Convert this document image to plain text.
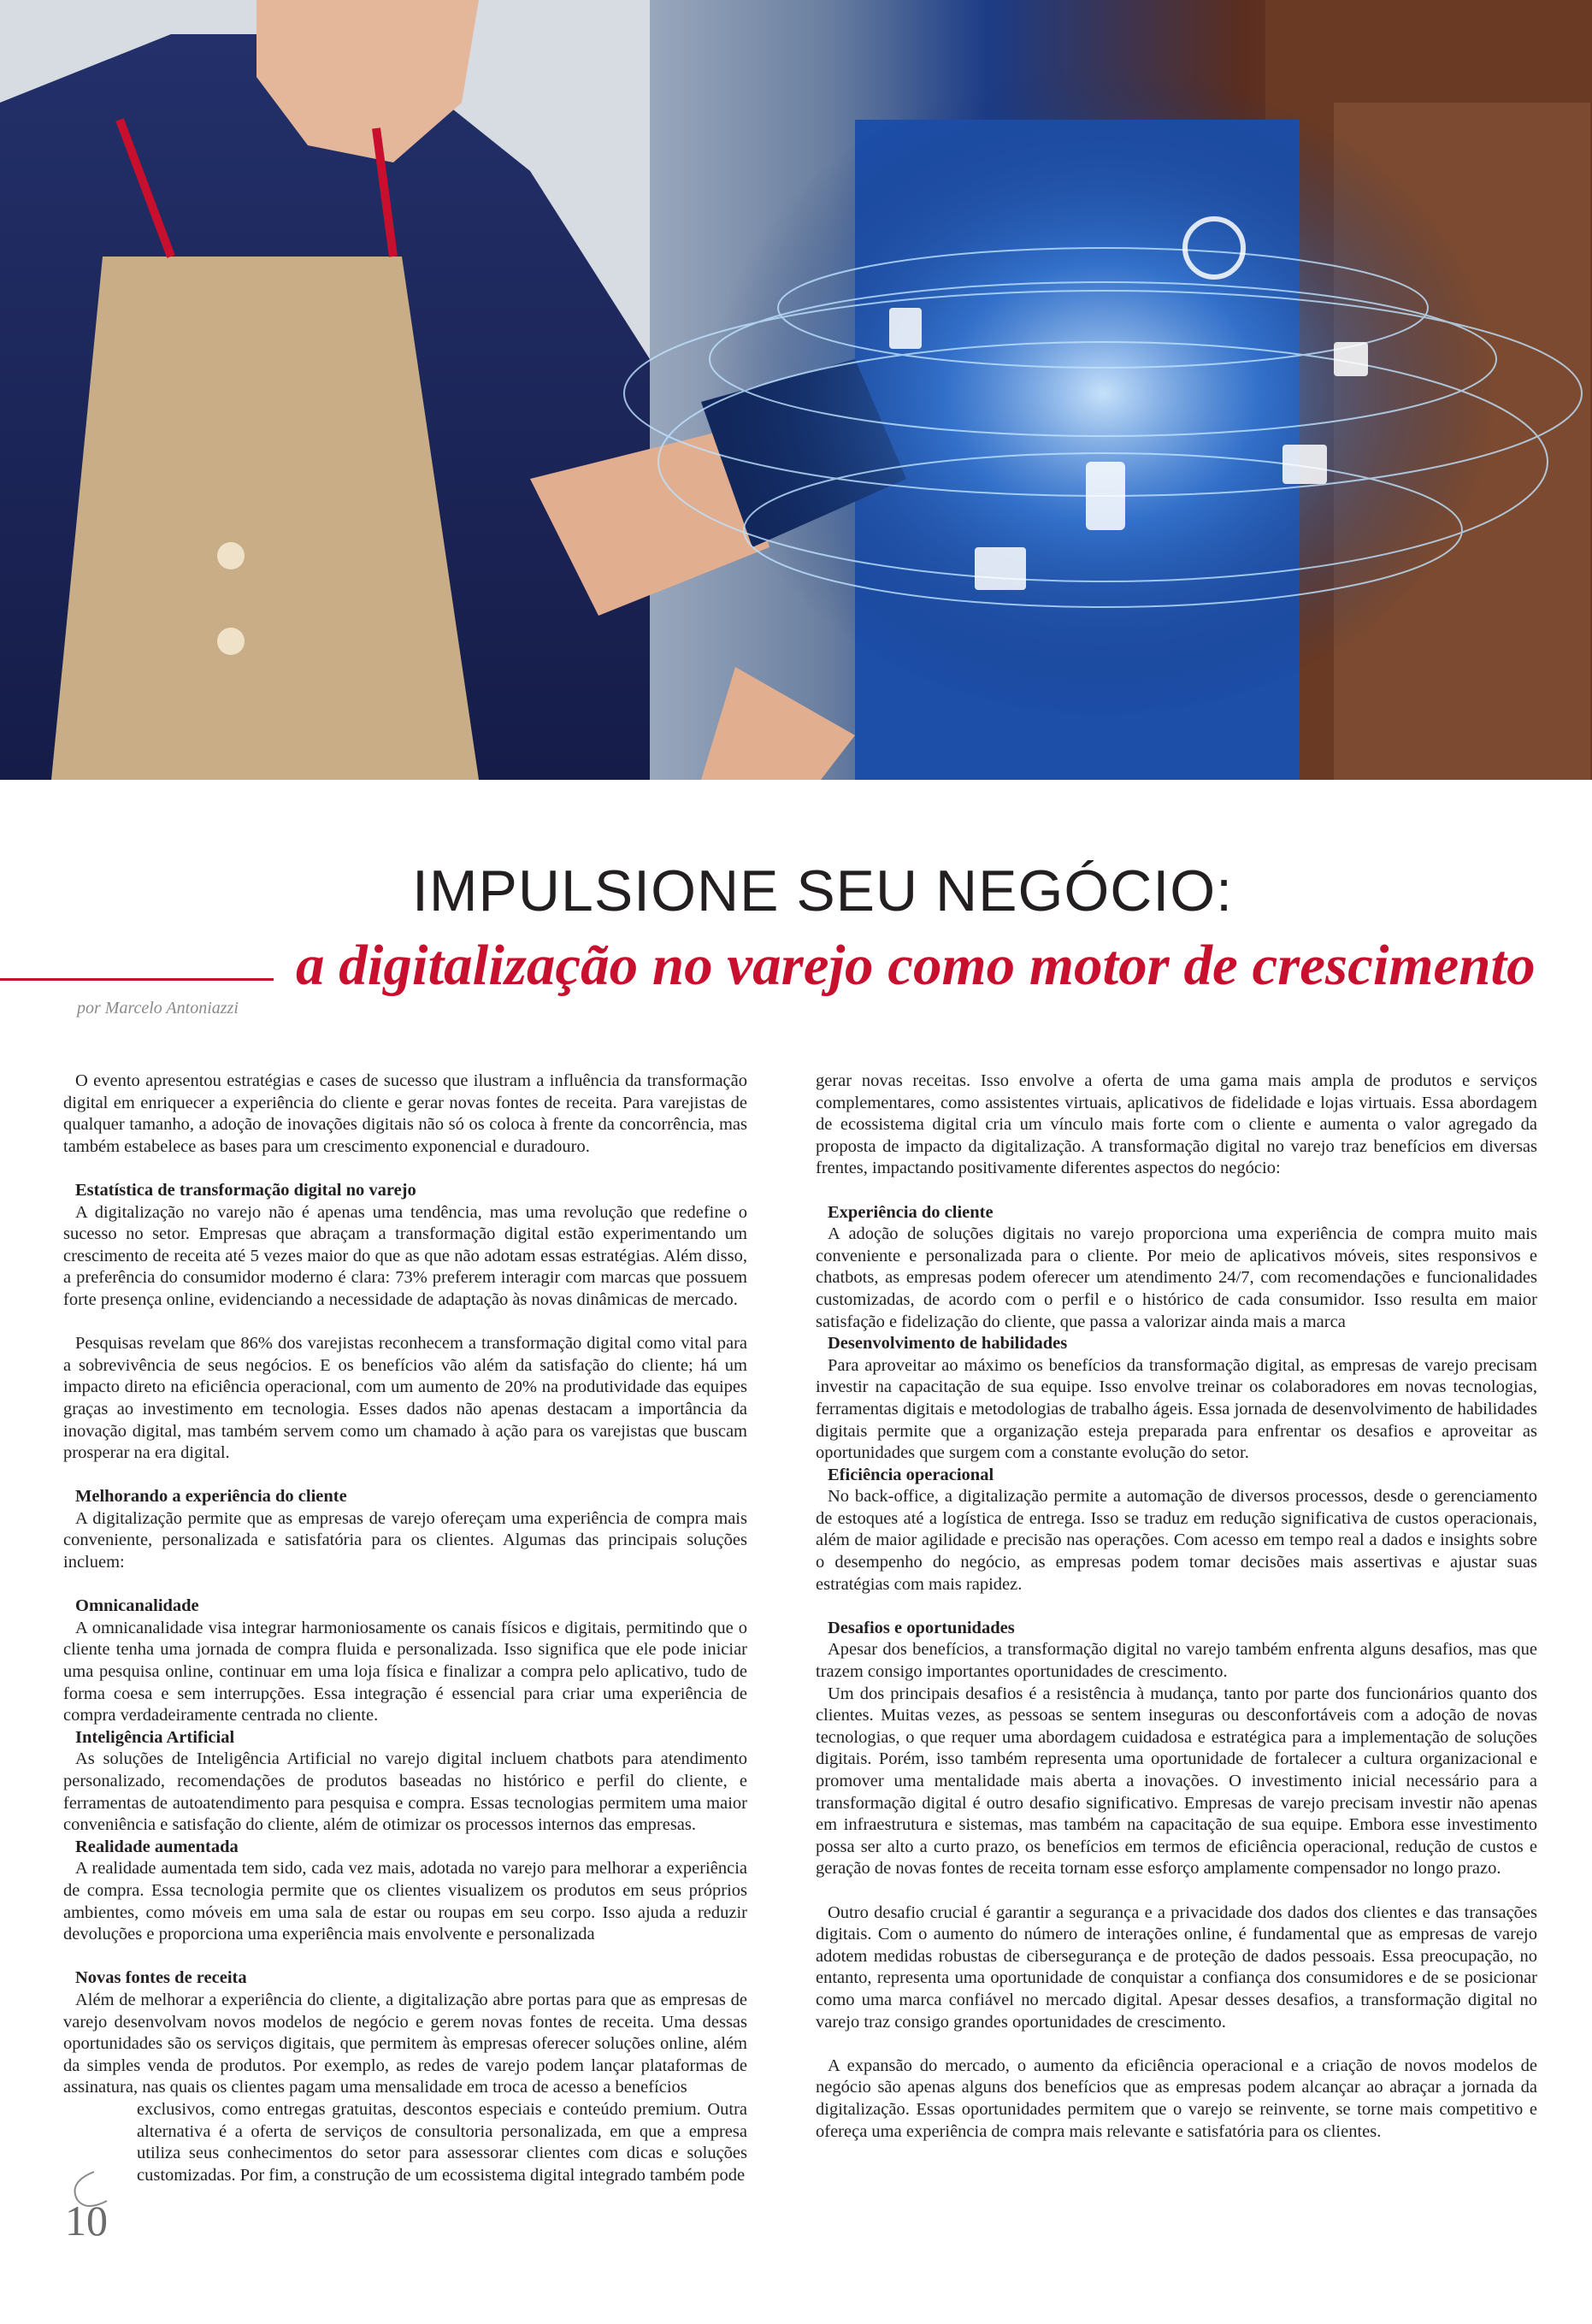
IMPULSIONE SEU NEGÓCIO:
a digitalização no varejo como motor de crescimento
por Marcelo Antoniazzi

O evento apresentou estratégias e cases de sucesso que ilustram a influência da transformação digital em enriquecer a experiência do cliente e gerar novas fontes de receita. Para varejistas de qualquer tamanho, a adoção de inovações digitais não só os coloca à frente da concorrência, mas também estabelece as bases para um crescimento exponencial e duradouro.

Estatística de transformação digital no varejo

A digitalização no varejo não é apenas uma tendência, mas uma revolução que redefine o sucesso no setor. Empresas que abraçam a transformação digital estão experimentando um crescimento de receita até 5 vezes maior do que as que não adotam essas estratégias. Além disso, a preferência do consumidor moderno é clara: 73% preferem interagir com marcas que possuem forte presença online, evidenciando a necessidade de adaptação às novas dinâmicas de mercado.

Pesquisas revelam que 86% dos varejistas reconhecem a transformação digital como vital para a sobrevivência de seus negócios. E os benefícios vão além da satisfação do cliente; há um impacto direto na eficiência operacional, com um aumento de 20% na produtividade das equipes graças ao investimento em tecnologia. Esses dados não apenas destacam a importância da inovação digital, mas também servem como um chamado à ação para os varejistas que buscam prosperar na era digital.

Melhorando a experiência do cliente

A digitalização permite que as empresas de varejo ofereçam uma experiência de compra mais conveniente, personalizada e satisfatória para os clientes. Algumas das principais soluções incluem:

Omnicanalidade

A omnicanalidade visa integrar harmoniosamente os canais físicos e digitais, permitindo que o cliente tenha uma jornada de compra fluida e personalizada. Isso significa que ele pode iniciar uma pesquisa online, continuar em uma loja física e finalizar a compra pelo aplicativo, tudo de forma coesa e sem interrupções. Essa integração é essencial para criar uma experiência de compra verdadeiramente centrada no cliente.

Inteligência Artificial

As soluções de Inteligência Artificial no varejo digital incluem chatbots para atendimento personalizado, recomendações de produtos baseadas no histórico e perfil do cliente, e ferramentas de autoatendimento para pesquisa e compra. Essas tecnologias permitem uma maior conveniência e satisfação do cliente, além de otimizar os processos internos das empresas.

Realidade aumentada

A realidade aumentada tem sido, cada vez mais, adotada no varejo para melhorar a experiência de compra. Essa tecnologia permite que os clientes visualizem os produtos em seus próprios ambientes, como móveis em uma sala de estar ou roupas em seu corpo. Isso ajuda a reduzir devoluções e proporciona uma experiência mais envolvente e personalizada

Novas fontes de receita

Além de melhorar a experiência do cliente, a digitalização abre portas para que as empresas de varejo desenvolvam novos modelos de negócio e gerem novas fontes de receita. Uma dessas oportunidades são os serviços digitais, que permitem às empresas oferecer soluções online, além da simples venda de produtos. Por exemplo, as redes de varejo podem lançar plataformas de assinatura, nas quais os clientes pagam uma mensalidade em troca de acesso a benefícios

exclusivos, como entregas gratuitas, descontos especiais e conteúdo premium. Outra alternativa é a oferta de serviços de consultoria personalizada, em que a empresa utiliza seus conhecimentos do setor para assessorar clientes com dicas e soluções customizadas. Por fim, a construção de um ecossistema digital integrado também pode

10

gerar novas receitas. Isso envolve a oferta de uma gama mais ampla de produtos e serviços complementares, como assistentes virtuais, aplicativos de fidelidade e lojas virtuais. Essa abordagem de ecossistema digital cria um vínculo mais forte com o cliente e aumenta o valor agregado da proposta de impacto da digitalização. A transformação digital no varejo traz benefícios em diversas frentes, impactando positivamente diferentes aspectos do negócio:

Experiência do cliente

A adoção de soluções digitais no varejo proporciona uma experiência de compra muito mais conveniente e personalizada para o cliente. Por meio de aplicativos móveis, sites responsivos e chatbots, as empresas podem oferecer um atendimento 24/7, com recomendações e funcionalidades customizadas, de acordo com o perfil e o histórico de cada consumidor. Isso resulta em maior satisfação e fidelização do cliente, que passa a valorizar ainda mais a marca

Desenvolvimento de habilidades

Para aproveitar ao máximo os benefícios da transformação digital, as empresas de varejo precisam investir na capacitação de sua equipe. Isso envolve treinar os colaboradores em novas tecnologias, ferramentas digitais e metodologias de trabalho ágeis. Essa jornada de desenvolvimento de habilidades digitais permite que a organização esteja preparada para enfrentar os desafios e aproveitar as oportunidades que surgem com a constante evolução do setor.

Eficiência operacional

No back-office, a digitalização permite a automação de diversos processos, desde o gerenciamento de estoques até a logística de entrega. Isso se traduz em redução significativa de custos operacionais, além de maior agilidade e precisão nas operações. Com acesso em tempo real a dados e insights sobre o desempenho do negócio, as empresas podem tomar decisões mais assertivas e ajustar suas estratégias com mais rapidez.

Desafios e oportunidades

Apesar dos benefícios, a transformação digital no varejo também enfrenta alguns desafios, mas que trazem consigo importantes oportunidades de crescimento.

Um dos principais desafios é a resistência à mudança, tanto por parte dos funcionários quanto dos clientes. Muitas vezes, as pessoas se sentem inseguras ou desconfortáveis com a adoção de novas tecnologias, o que requer uma abordagem cuidadosa e estratégica para a implementação de soluções digitais. Porém, isso também representa uma oportunidade de fortalecer a cultura organizacional e promover uma mentalidade mais aberta a inovações. O investimento inicial necessário para a transformação digital é outro desafio significativo. Empresas de varejo precisam investir não apenas em infraestrutura e sistemas, mas também na capacitação de sua equipe. Embora esse investimento possa ser alto a curto prazo, os benefícios em termos de eficiência operacional, redução de custos e geração de novas fontes de receita tornam esse esforço amplamente compensador no longo prazo.

Outro desafio crucial é garantir a segurança e a privacidade dos dados dos clientes e das transações digitais. Com o aumento do número de interações online, é fundamental que as empresas de varejo adotem medidas robustas de cibersegurança e de proteção de dados pessoais. Essa preocupação, no entanto, representa uma oportunidade de conquistar a confiança dos consumidores e de se posicionar como uma marca confiável no mercado digital. Apesar desses desafios, a transformação digital no varejo traz consigo grandes oportunidades de crescimento.

A expansão do mercado, o aumento da eficiência operacional e a criação de novos modelos de negócio são apenas alguns dos benefícios que as empresas podem alcançar ao abraçar a jornada da digitalização. Essas oportunidades permitem que o varejo se reinvente, se torne mais competitivo e ofereça uma experiência de compra mais relevante e satisfatória para os clientes.
